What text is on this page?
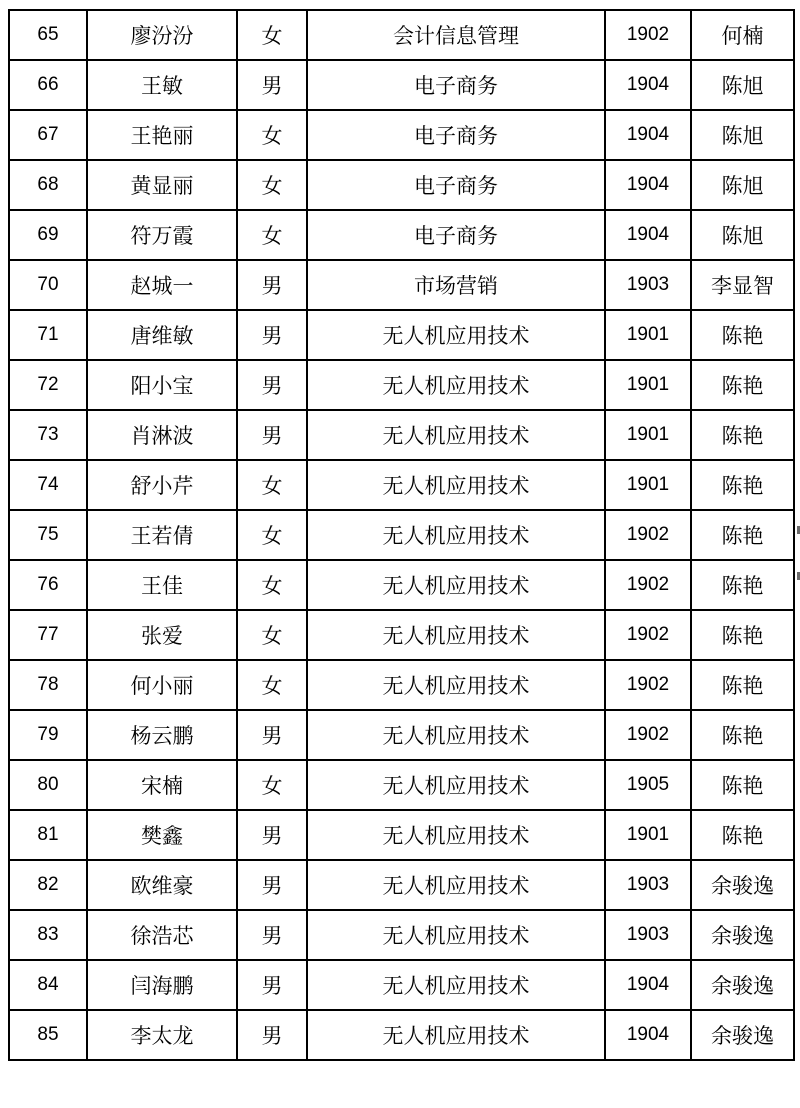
65	廖汾汾	女	会计信息管理	1902	何楠
66	王敏	男	电子商务	1904	陈旭
67	王艳丽	女	电子商务	1904	陈旭
68	黄显丽	女	电子商务	1904	陈旭
69	符万霞	女	电子商务	1904	陈旭
70	赵城一	男	市场营销	1903	李显智
71	唐维敏	男	无人机应用技术	1901	陈艳
72	阳小宝	男	无人机应用技术	1901	陈艳
73	肖淋波	男	无人机应用技术	1901	陈艳
74	舒小芹	女	无人机应用技术	1901	陈艳
75	王若倩	女	无人机应用技术	1902	陈艳
76	王佳	女	无人机应用技术	1902	陈艳
77	张爱	女	无人机应用技术	1902	陈艳
78	何小丽	女	无人机应用技术	1902	陈艳
79	杨云鹏	男	无人机应用技术	1902	陈艳
80	宋楠	女	无人机应用技术	1905	陈艳
81	樊鑫	男	无人机应用技术	1901	陈艳
82	欧维豪	男	无人机应用技术	1903	余骏逸
83	徐浩芯	男	无人机应用技术	1903	余骏逸
84	闫海鹏	男	无人机应用技术	1904	余骏逸
85	李太龙	男	无人机应用技术	1904	余骏逸
